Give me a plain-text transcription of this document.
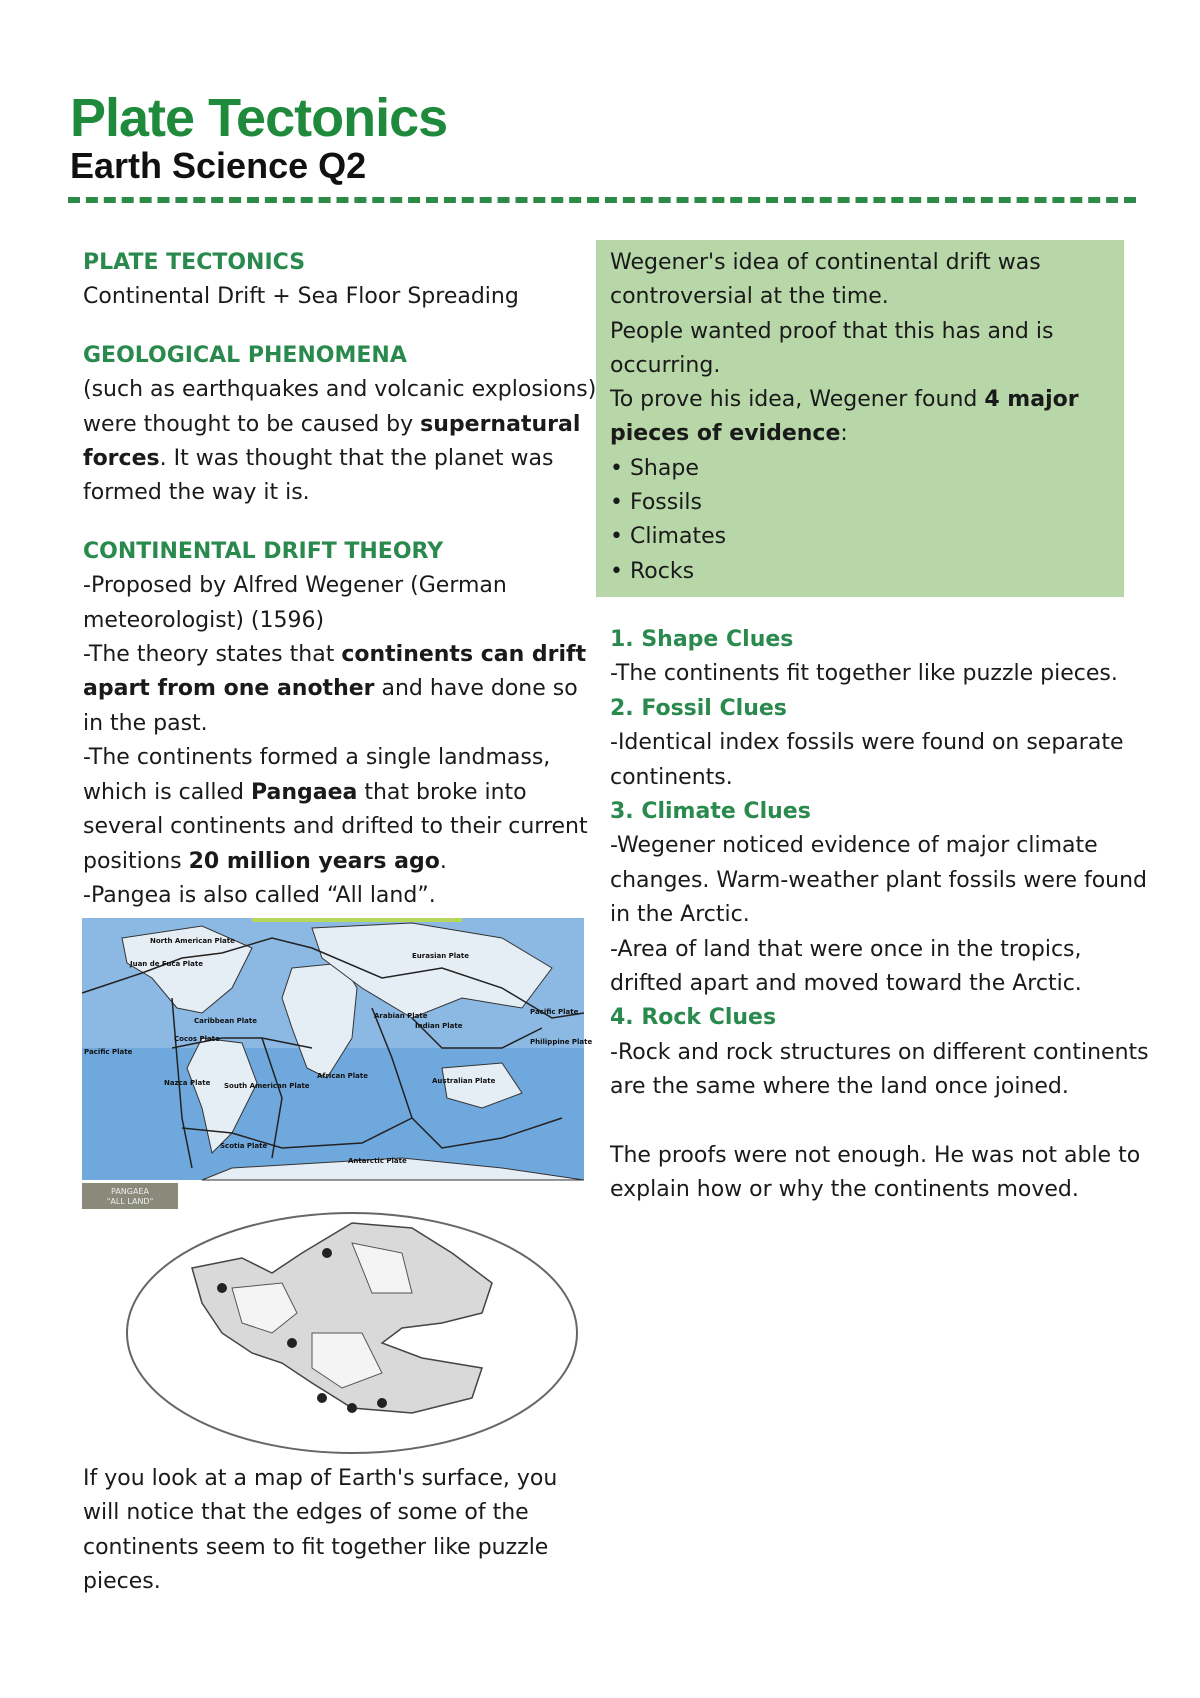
Plate Tectonics
Earth Science Q2

PLATE TECTONICS

Continental Drift + Sea Floor Spreading

GEOLOGICAL PHENOMENA

(such as earthquakes and volcanic explosions) were thought to be caused by supernatural forces. It was thought that the planet was formed the way it is.

CONTINENTAL DRIFT THEORY

-Proposed by Alfred Wegener (German meteorologist) (1596)

-The theory states that continents can drift apart from one another and have done so in the past.

-The continents formed a single landmass, which is called Pangaea that broke into several continents and drifted to their current positions 20 million years ago.

-Pangea is also called “All land”.

North American Plate
Juan de Fuca Plate
Eurasian Plate
Caribbean Plate
Cocos Plate
Pacific Plate
Arabian Plate
Indian Plate
Pacific Plate
Philippine Plate
Nazca Plate South American Plate
African Plate
Australian Plate
Scotia Plate
Antarctic Plate
PANGAEA
"ALL LAND"
If you look at a map of Earth's surface, you will notice that the edges of some of the continents seem to fit together like puzzle pieces.

Wegener's idea of continental drift was controversial at the time.

People wanted proof that this has and is occurring.

To prove his idea, Wegener found 4 major pieces of evidence:

• Shape

• Fossils

• Climates

• Rocks

1. Shape Clues

-The continents fit together like puzzle pieces.

2. Fossil Clues

-Identical index fossils were found on separate continents.

3. Climate Clues

-Wegener noticed evidence of major climate changes. Warm-weather plant fossils were found in the Arctic.

-Area of land that were once in the tropics, drifted apart and moved toward the Arctic.

4. Rock Clues

-Rock and rock structures on different continents are the same where the land once joined.

The proofs were not enough. He was not able to explain how or why the continents moved.
